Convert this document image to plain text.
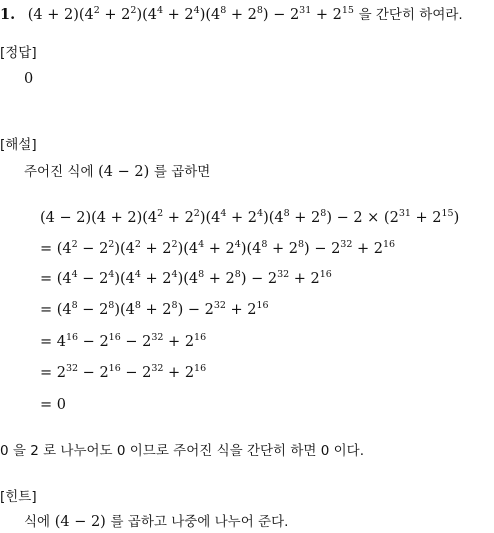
1. $(4 + 2)(4^2 + 2^2)(4^4 + 2^4)(4^8 + 2^8) - 2^{31} + 2^{15}$ 을 간단히 하여라.
[정답]
0
[해설]
주어진 식에 (4 − 2) 를 곱하면
$(4 - 2)(4 + 2)(4^2 + 2^2)(4^4 + 2^4)(4^8 + 2^8) - 2 \times (2^{31} + 2^{15})$
= $(4^2 - 2^2)(4^2 + 2^2)(4^4 + 2^4)(4^8 + 2^8) - 2^{32} + 2^{16}$
= $(4^4 - 2^4)(4^4 + 2^4)(4^8 + 2^8) - 2^{32} + 2^{16}$
= $(4^8 - 2^8)(4^8 + 2^8) - 2^{32} + 2^{16}$
= $4^{16} - 2^{16} - 2^{32} + 2^{16}$
= $2^{32} - 2^{16} - 2^{32} + 2^{16}$
= 0
0 을 2 로 나누어도 0 이므로 주어진 식을 간단히 하면 0 이다.
[힌트]
식에 (4 − 2) 를 곱하고 나중에 나누어 준다.
